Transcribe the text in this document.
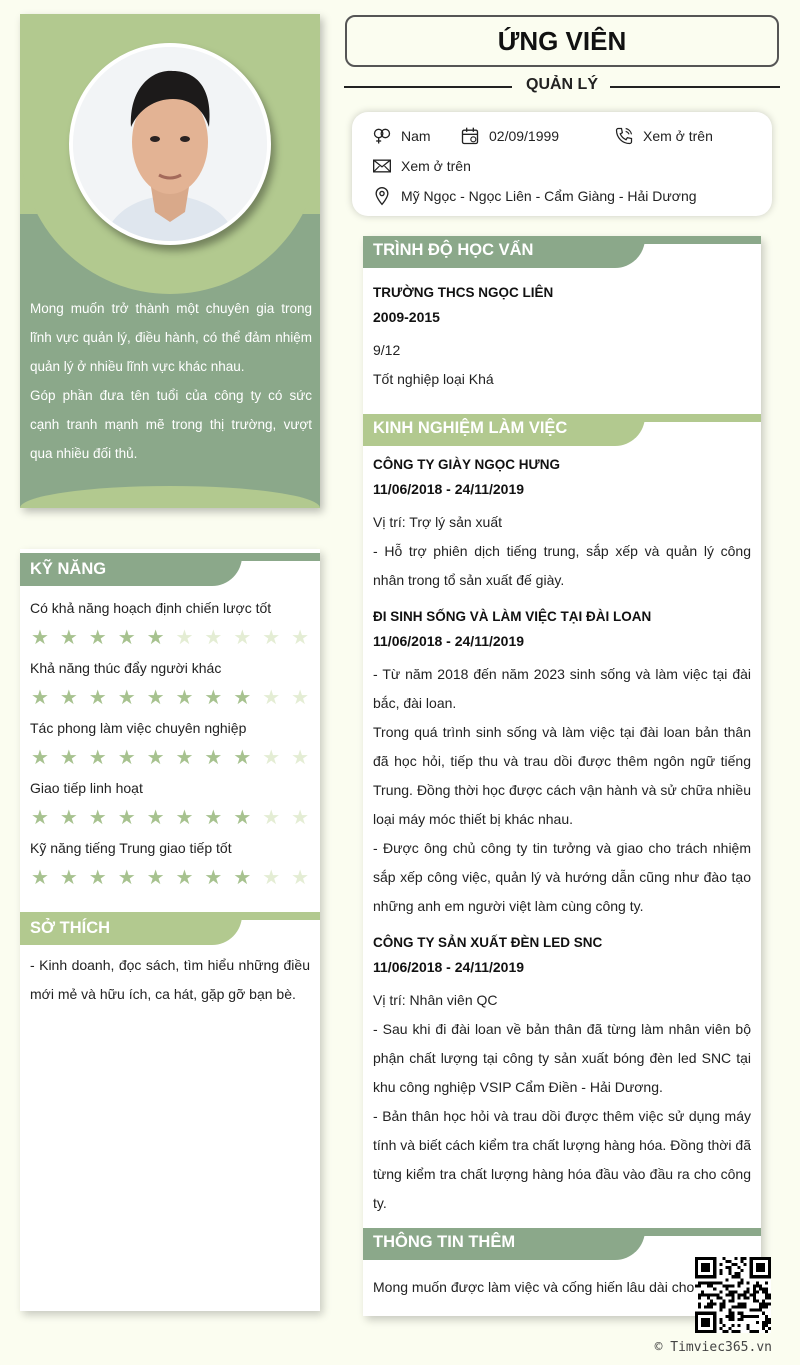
Mong muốn trở thành một chuyên gia trong lĩnh vực quản lý, điều hành, có thể đảm nhiệm quản lý ở nhiều lĩnh vực khác nhau.

Góp phần đưa tên tuổi của công ty có sức cạnh tranh mạnh mẽ trong thị trường, vượt qua nhiều đối thủ.

KỸ NĂNG
Có khả năng hoạch định chiến lược tốt
★ ★ ★ ★ ★ ★ ★ ★ ★ ★
Khả năng thúc đẩy người khác
★ ★ ★ ★ ★ ★ ★ ★ ★ ★
Tác phong làm việc chuyên nghiệp
★ ★ ★ ★ ★ ★ ★ ★ ★ ★
Giao tiếp linh hoạt
★ ★ ★ ★ ★ ★ ★ ★ ★ ★
Kỹ năng tiếng Trung giao tiếp tốt
★ ★ ★ ★ ★ ★ ★ ★ ★ ★
SỞ THÍCH
- Kinh doanh, đọc sách, tìm hiểu những điều mới mẻ và hữu ích, ca hát, gặp gỡ bạn bè.
ỨNG VIÊN
QUẢN LÝ
Nam	02/09/1999	Xem ở trên
Xem ở trên
Mỹ Ngọc - Ngọc Liên - Cẩm Giàng - Hải Dương
TRÌNH ĐỘ HỌC VẤN
TRƯỜNG THCS NGỌC LIÊN
2009-2015
9/12
Tốt nghiệp loại Khá
KINH NGHIỆM LÀM VIỆC
CÔNG TY GIÀY NGỌC HƯNG
11/06/2018 - 24/11/2019
Vị trí: Trợ lý sản xuất
- Hỗ trợ phiên dịch tiếng trung, sắp xếp và quản lý công nhân trong tổ sản xuất đế giày.
ĐI SINH SỐNG VÀ LÀM VIỆC TẠI ĐÀI LOAN
11/06/2018 - 24/11/2019
- Từ năm 2018 đến năm 2023 sinh sống và làm việc tại đài bắc, đài loan.
Trong quá trình sinh sống và làm việc tại đài loan bản thân đã học hỏi, tiếp thu và trau dồi được thêm ngôn ngữ tiếng Trung. Đồng thời học được cách vận hành và sử chữa nhiều loại máy móc thiết bị khác nhau.
- Được ông chủ công ty tin tưởng và giao cho trách nhiệm sắp xếp công việc, quản lý và hướng dẫn cũng như đào tạo những anh em người việt làm cùng công ty.
CÔNG TY SẢN XUẤT ĐÈN LED SNC
11/06/2018 - 24/11/2019
Vị trí: Nhân viên QC
- Sau khi đi đài loan về bản thân đã từng làm nhân viên bộ phận chất lượng tại công ty sản xuất bóng đèn led SNC tại khu công nghiệp VSIP Cẩm Điền - Hải Dương.
- Bản thân học hỏi và trau dồi được thêm việc sử dụng máy tính và biết cách kiểm tra chất lượng hàng hóa. Đồng thời đã từng kiểm tra chất lượng hàng hóa đầu vào đầu ra cho công ty.
THÔNG TIN THÊM
Mong muốn được làm việc và cống hiến lâu dài cho
© Timviec365.vn
